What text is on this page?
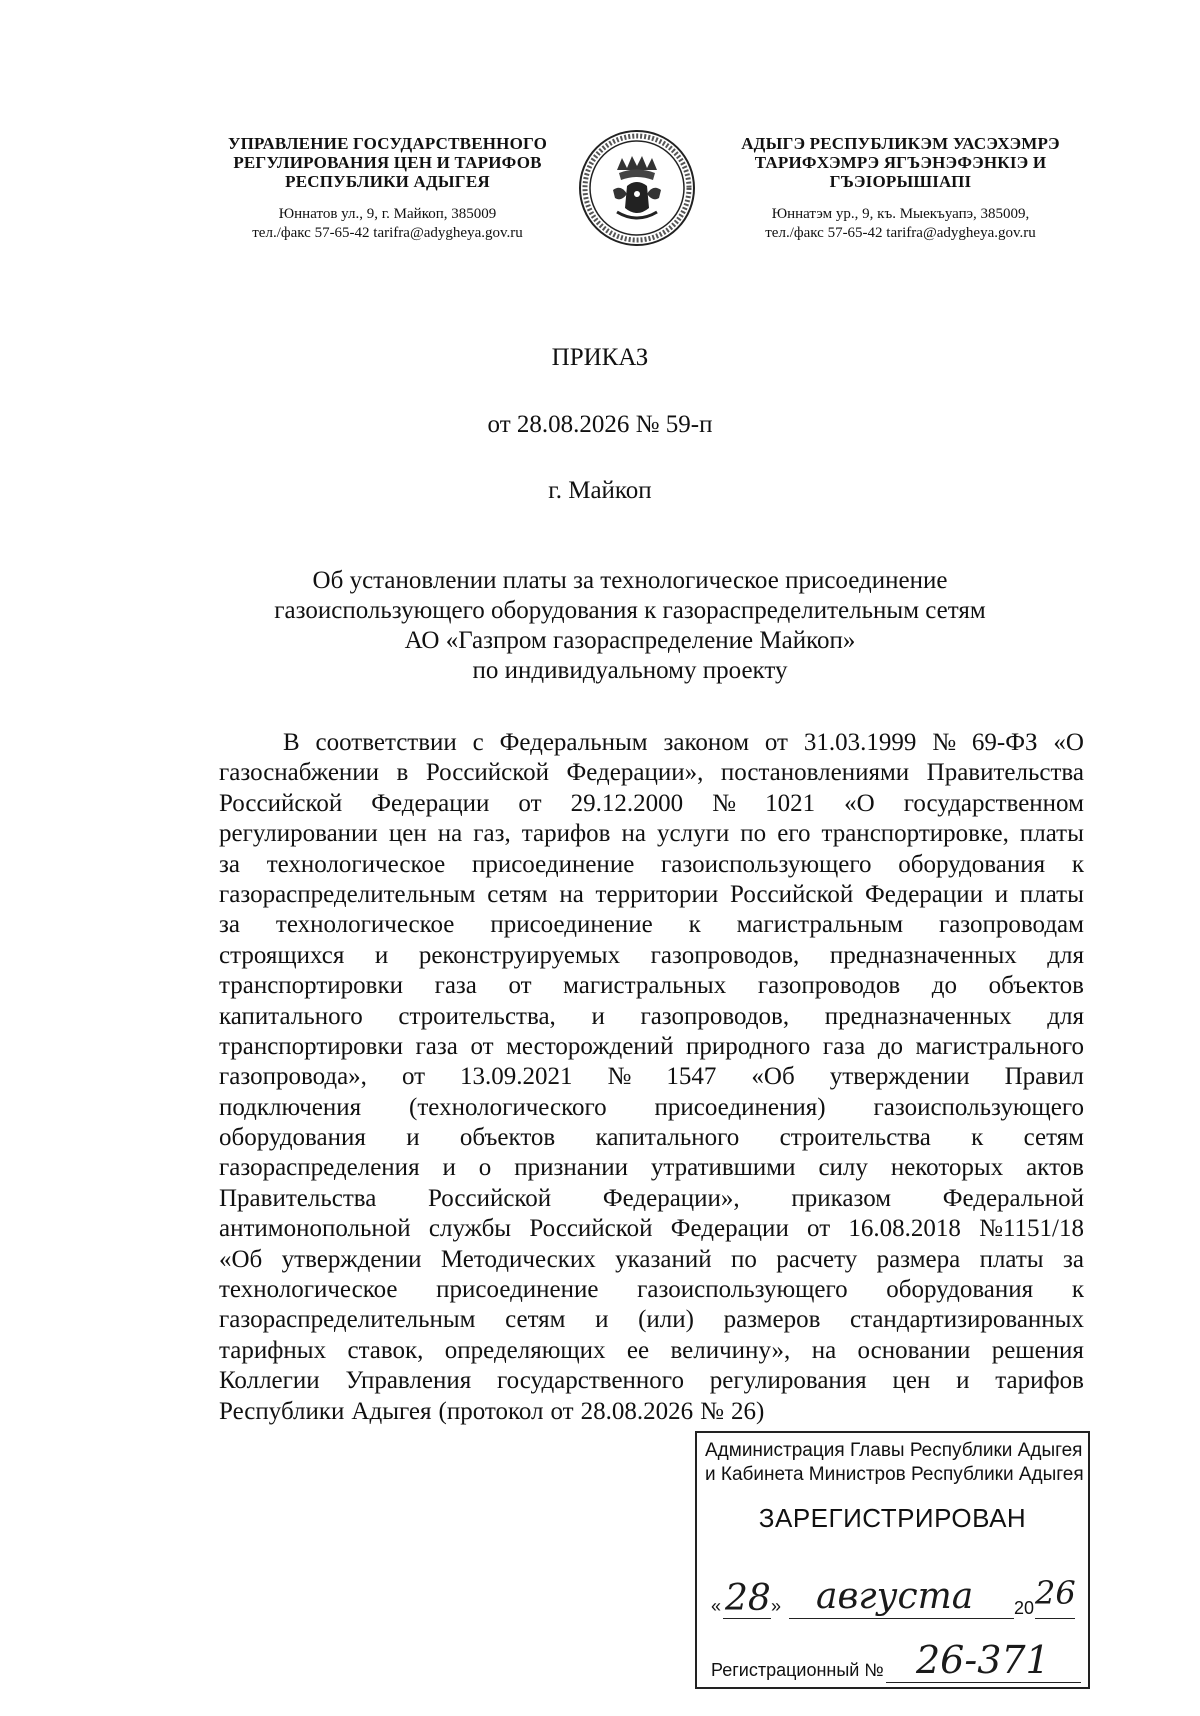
УПРАВЛЕНИЕ ГОСУДАРСТВЕННОГО
РЕГУЛИРОВАНИЯ ЦЕН И ТАРИФОВ
РЕСПУБЛИКИ АДЫГЕЯ
Юннатов ул., 9, г. Майкоп, 385009
тел./факс 57-65-42 tarifra@adygheya.gov.ru
АДЫГЭ РЕСПУБЛИКЭМ УАСЭХЭМРЭ
ТАРИФХЭМРЭ ЯГЪЭНЭФЭНКIЭ И
ГЪЭIОРЫШIАПI
Юннатэм ур., 9, къ. Мыекъуапэ, 385009,
тел./факс 57-65-42 tarifra@adygheya.gov.ru
ПРИКАЗ
от 28.08.2026 № 59-п
г. Майкоп
Об установлении платы за технологическое присоединение
газоиспользующего оборудования к газораспределительным сетям
АО «Газпром газораспределение Майкоп»
по индивидуальному проекту
В соответствии с Федеральным законом от 31.03.1999 № 69-ФЗ «О
газоснабжении в Российской Федерации», постановлениями Правительства
Российской Федерации от 29.12.2000 № 1021 «О государственном
регулировании цен на газ, тарифов на услуги по его транспортировке, платы
за технологическое присоединение газоиспользующего оборудования к
газораспределительным сетям на территории Российской Федерации и платы
за технологическое присоединение к магистральным газопроводам
строящихся и реконструируемых газопроводов, предназначенных для
транспортировки газа от магистральных газопроводов до объектов
капитального строительства, и газопроводов, предназначенных для
транспортировки газа от месторождений природного газа до магистрального
газопровода», от 13.09.2021 № 1547 «Об утверждении Правил
подключения (технологического присоединения) газоиспользующего
оборудования и объектов капитального строительства к сетям
газораспределения и о признании утратившими силу некоторых актов
Правительства Российской Федерации», приказом Федеральной
антимонопольной службы Российской Федерации от 16.08.2018 №1151/18
«Об утверждении Методических указаний по расчету размера платы за
технологическое присоединение газоиспользующего оборудования к
газораспределительным сетям и (или) размеров стандартизированных
тарифных ставок, определяющих ее величину», на основании решения
Коллегии Управления государственного регулирования цен и тарифов
Республики Адыгея (протокол от 28.08.2026 № 26)
Администрация Главы Республики Адыгея
и Кабинета Министров Республики Адыгея
ЗАРЕГИСТРИРОВАН
« 28 » августа 20 26
Регистрационный № 26-371
